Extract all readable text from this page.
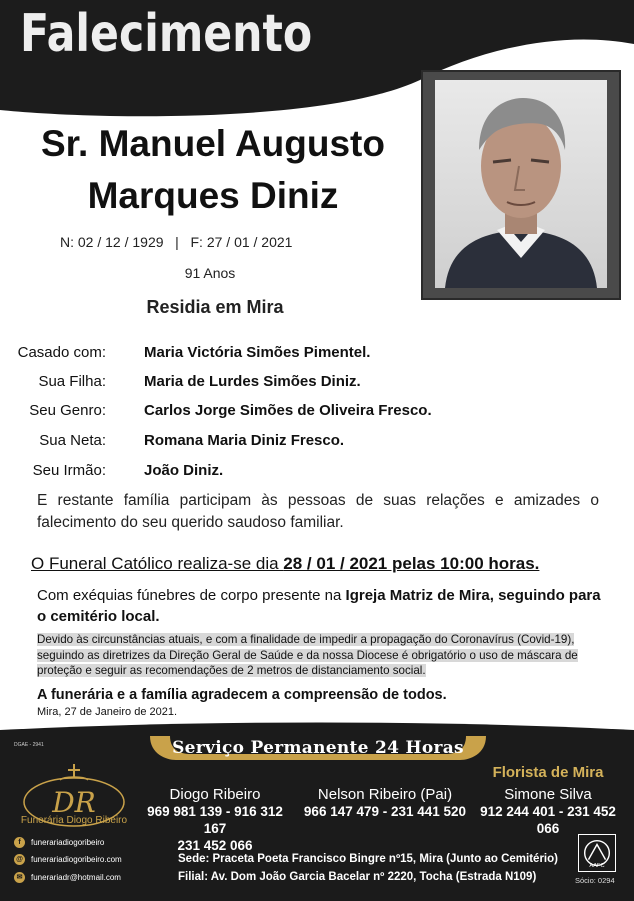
Falecimento
Sr. Manuel Augusto
Marques Diniz
N: 02 / 12 / 1929   |   F: 27 / 01 / 2021
91 Anos
Residia em Mira
Casado com:	Maria Victória Simões Pimentel.
Sua Filha:	Maria de Lurdes Simões Diniz.
Seu Genro:	Carlos Jorge Simões de Oliveira Fresco.
Sua Neta:	Romana Maria Diniz Fresco.
Seu Irmão:	João Diniz.
E restante família participam às pessoas de suas relações e amizades o falecimento do seu querido saudoso familiar.
O Funeral Católico realiza-se dia 28 / 01 / 2021 pelas 10:00 horas.
Com exéquias fúnebres de corpo presente na Igreja Matriz de Mira, seguindo para o cemitério local.
Devido às circunstâncias atuais, e com a finalidade de impedir a propagação do Coronavírus (Covid-19), seguindo as diretrizes da Direção Geral de Saúde e da nossa Diocese é obrigatório o uso de máscara de proteção e seguir as recomendações de 2 metros de distanciamento social.
A funerária e a família agradecem a compreensão de todos.
Mira, 27 de Janeiro de 2021.
DGAE - 2941	Serviço Permanente 24 Horas
DR
Funerária Diogo Ribeiro
f funerariadiogoribeiro
@ funerariadiogoribeiro.com
✉ funerariadr@hotmail.com
Diogo Ribeiro
969 981 139 - 916 312 167
231 452 066
Nelson Ribeiro (Pai)
966 147 479 - 231 441 520
Florista de Mira
Simone Silva
912 244 401 - 231 452 066
Sede: Praceta Poeta Francisco Bingre nº15, Mira (Junto ao Cemitério)
Filial: Av. Dom João Garcia Bacelar nº 2220, Tocha (Estrada N109)
AAFC
Sócio: 0294
